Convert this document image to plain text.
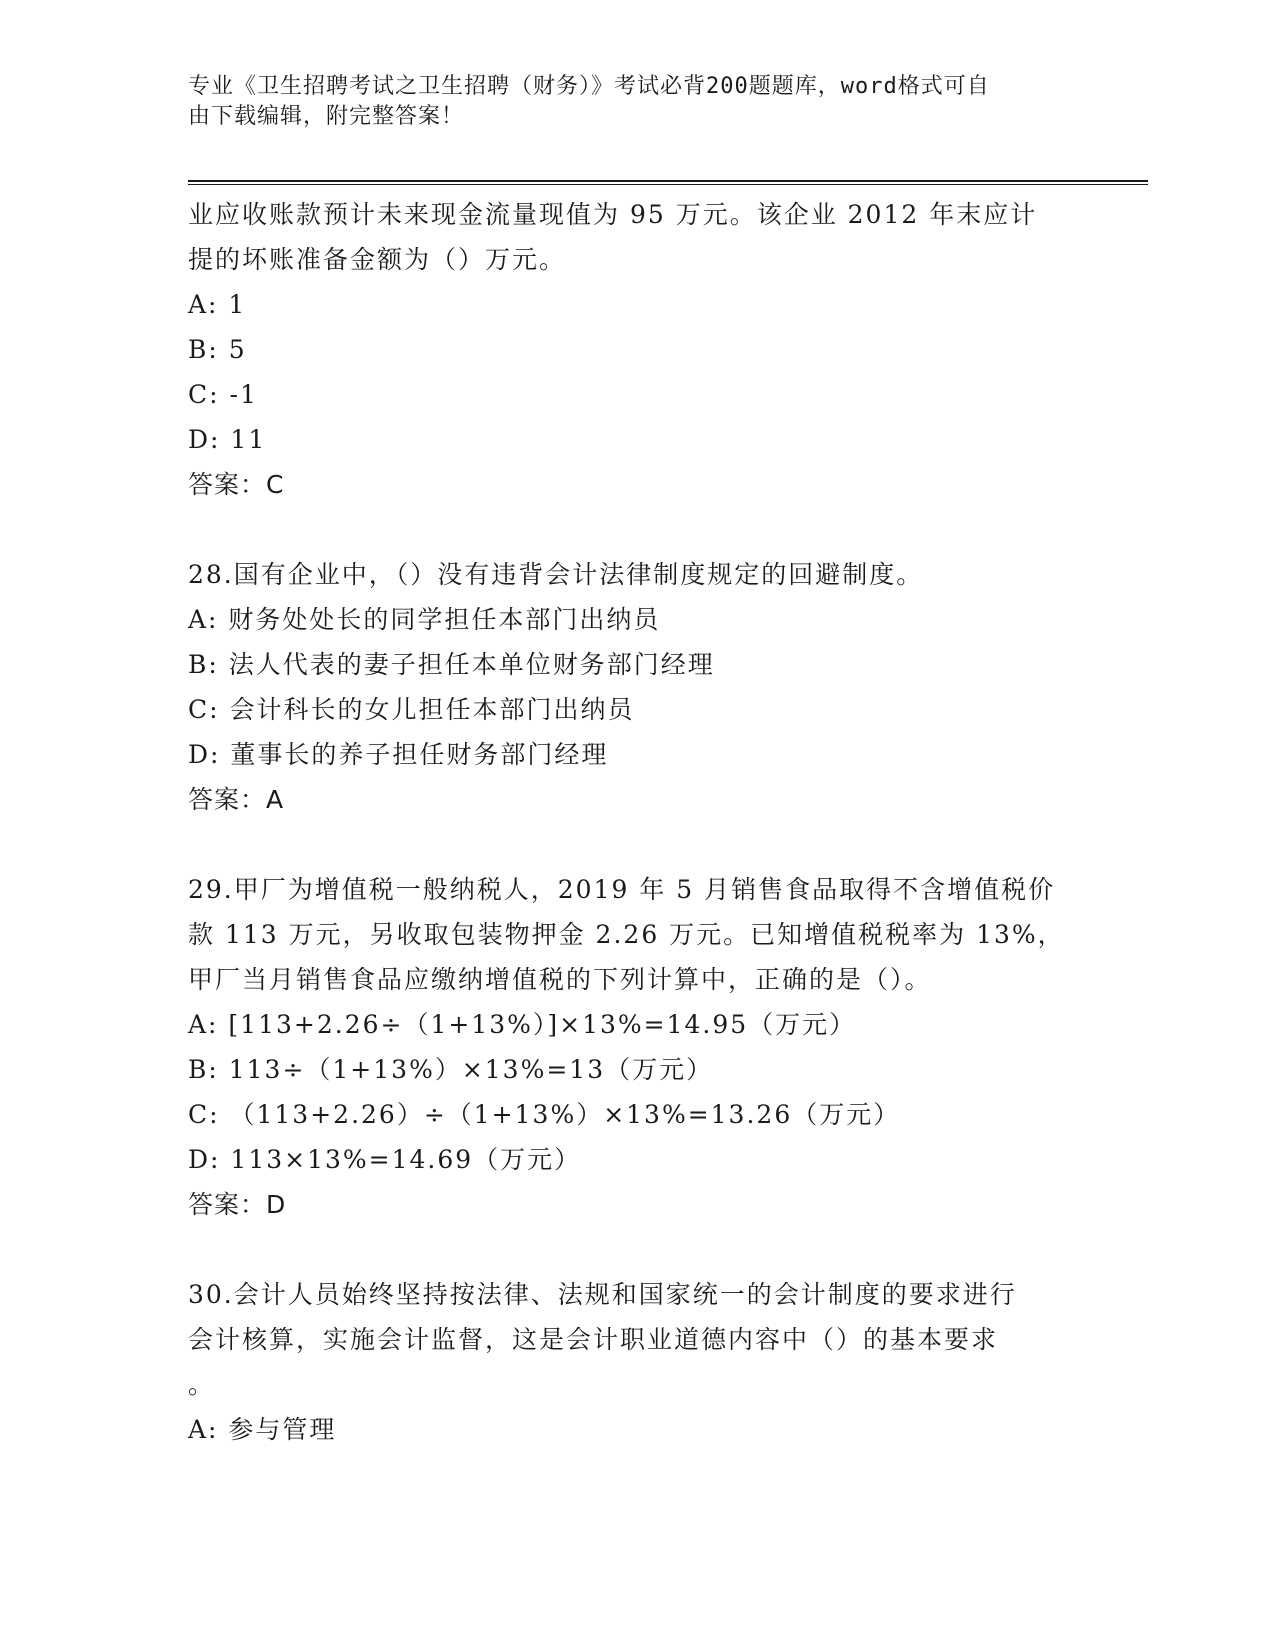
专业《卫生招聘考试之卫生招聘（财务）》考试必背200题题库，word格式可自
由下载编辑，附完整答案！
业应收账款预计未来现金流量现值为 95 万元。该企业 2012 年末应计
提的坏账准备金额为（）万元。
A: 1
B: 5
C: -1
D: 11
答案：C
28.国有企业中，（）没有违背会计法律制度规定的回避制度。
A: 财务处处长的同学担任本部门出纳员
B: 法人代表的妻子担任本单位财务部门经理
C: 会计科长的女儿担任本部门出纳员
D: 董事长的养子担任财务部门经理
答案：A
29.甲厂为增值税一般纳税人，2019 年 5 月销售食品取得不含增值税价
款 113 万元，另收取包装物押金 2.26 万元。已知增值税税率为 13%，
甲厂当月销售食品应缴纳增值税的下列计算中，正确的是（）。
A: [113+2.26÷（1+13%）]×13%=14.95（万元）
B: 113÷（1+13%）×13%=13（万元）
C: （113+2.26）÷（1+13%）×13%=13.26（万元）
D: 113×13%=14.69（万元）
答案：D
30.会计人员始终坚持按法律、法规和国家统一的会计制度的要求进行
会计核算，实施会计监督，这是会计职业道德内容中（）的基本要求
。
A: 参与管理
